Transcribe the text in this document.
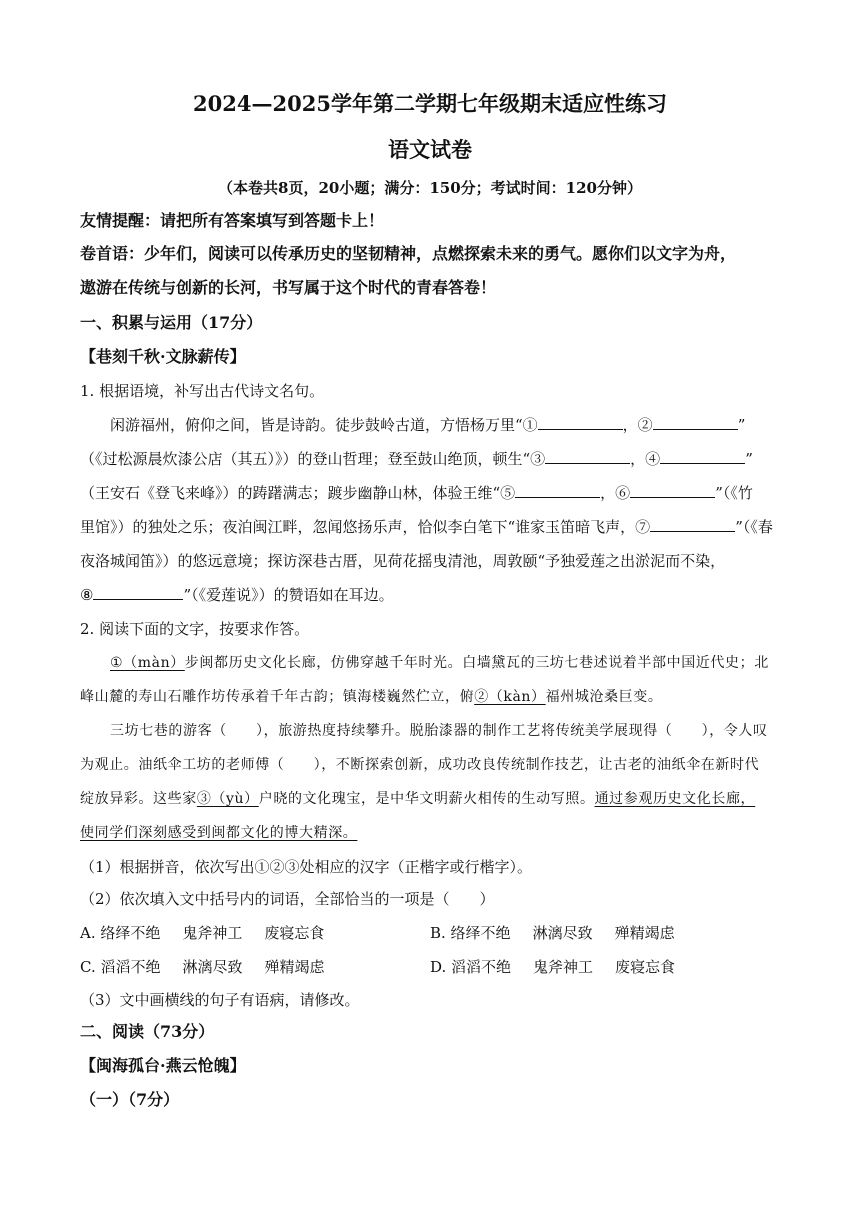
2024—2025学年第二学期七年级期末适应性练习
语文试卷
（本卷共8页，20小题；满分：150分；考试时间：120分钟）
友情提醒：请把所有答案填写到答题卡上！
卷首语：少年们，阅读可以传承历史的坚韧精神，点燃探索未来的勇气。愿你们以文字为舟，
遨游在传统与创新的长河，书写属于这个时代的青春答卷！
一、积累与运用（17分）
【巷刻千秋·文脉薪传】
1. 根据语境，补写出古代诗文名句。
闲游福州，俯仰之间，皆是诗韵。徒步鼓岭古道，方悟杨万里“①	，②	”
（《过松源晨炊漆公店（其五）》）的登山哲理；登至鼓山绝顶，顿生“③	，④	”
（王安石《登飞来峰》）的踌躇满志；踱步幽静山林，体验王维“⑤	，⑥	”（《竹
里馆》）的独处之乐；夜泊闽江畔，忽闻悠扬乐声，恰似李白笔下“谁家玉笛暗飞声，⑦	”（《春
夜洛城闻笛》）的悠远意境；探访深巷古厝，见荷花摇曳清池，周敦颐“予独爱莲之出淤泥而不染，
⑧	”（《爱莲说》）的赞语如在耳边。
2. 阅读下面的文字，按要求作答。
①（màn）步闽都历史文化长廊，仿佛穿越千年时光。白墙黛瓦的三坊七巷述说着半部中国近代史；北
峰山麓的寿山石雕作坊传承着千年古韵；镇海楼巍然伫立，俯②（kàn）福州城沧桑巨变。
三坊七巷的游客（　　），旅游热度持续攀升。脱胎漆器的制作工艺将传统美学展现得（　　），令人叹
为观止。油纸伞工坊的老师傅（　　），不断探索创新，成功改良传统制作技艺，让古老的油纸伞在新时代
绽放异彩。这些家③（yù）户晓的文化瑰宝，是中华文明薪火相传的生动写照。通过参观历史文化长廊，
使同学们深刻感受到闽都文化的博大精深。
（1）根据拼音，依次写出①②③处相应的汉字（正楷字或行楷字）。
（2）依次填入文中括号内的词语，全部恰当的一项是（　　）
A. 络绎不绝 鬼斧神工 废寝忘食	B. 络绎不绝 淋漓尽致 殚精竭虑
C. 滔滔不绝 淋漓尽致 殚精竭虑	D. 滔滔不绝 鬼斧神工 废寝忘食
（3）文中画横线的句子有语病，请修改。
二、阅读（73分）
【闽海孤台·燕云怆魄】
（一）（7分）
